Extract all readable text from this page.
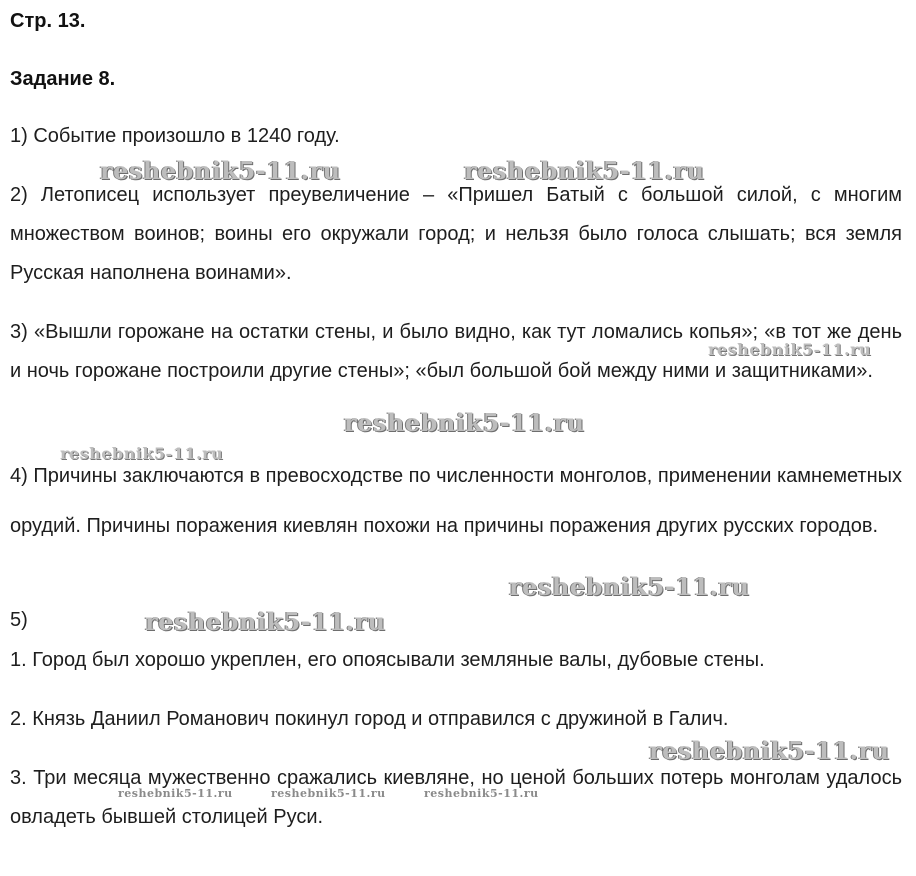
Стр. 13.
Задание 8.

1) Событие произошло в 1240 году.

2) Летописец использует преувеличение – «Пришел Батый с большой силой, с многим множеством воинов; воины его окружали город; и нельзя было голоса слышать; вся земля Русская наполнена воинами».

3) «Вышли горожане на остатки стены, и было видно, как тут ломались копья»; «в тот же день и ночь горожане построили другие стены»; «был большой бой между ними и защитниками».

4) Причины заключаются в превосходстве по численности монголов, применении камнеметных орудий. Причины поражения киевлян похожи на причины поражения других русских городов.

5)

1. Город был хорошо укреплен, его опоясывали земляные валы, дубовые стены.

2. Князь Даниил Романович покинул город и отправился с дружиной в Галич.

3. Три месяца мужественно сражались киевляне, но ценой больших потерь монголам удалось овладеть бывшей столицей Руси.

reshebnik5-11.ru	reshebnik5-11.ru
reshebnik5-11.ru
reshebnik5-11.ru
reshebnik5-11.ru
reshebnik5-11.ru
reshebnik5-11.ru
reshebnik5-11.ru
reshebnik5-11.ru	reshebnik5-11.ru	reshebnik5-11.ru
